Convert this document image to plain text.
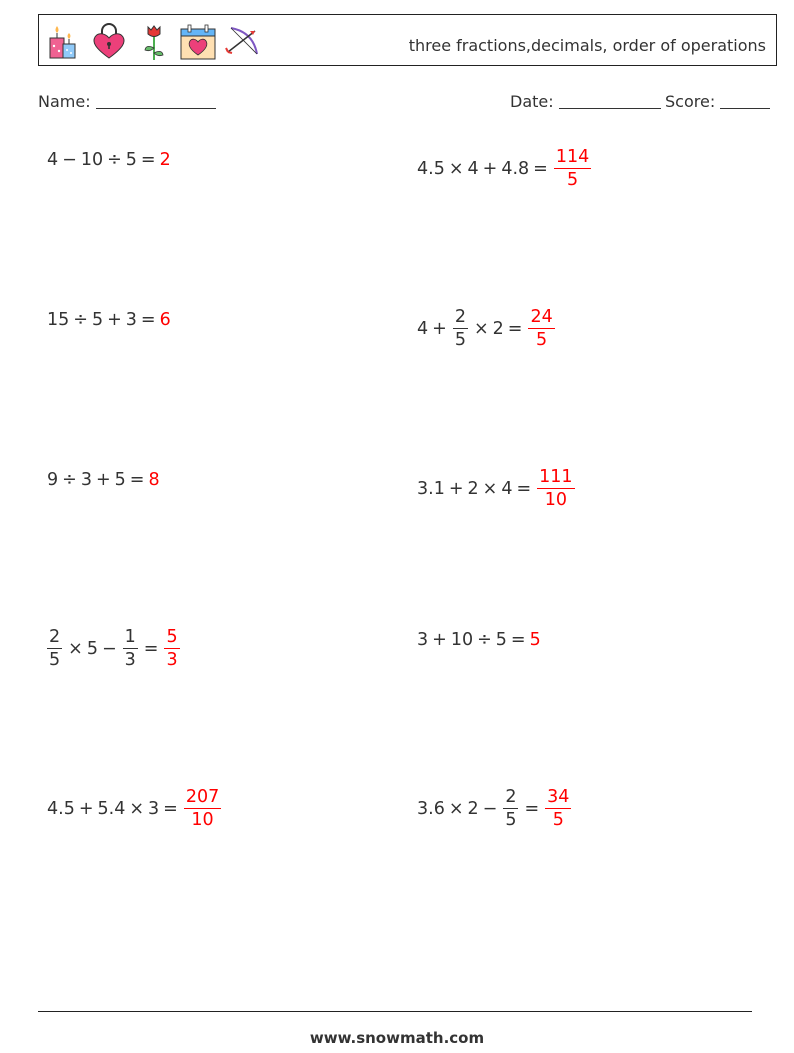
three fractions,decimals, order of operations
Name:	Date:	Score:
4 − 10 ÷ 5 = 2	$4.5 \times 4 + 4.8 = \frac{114}{5}$
15 ÷ 5 + 3 = 6	$4 + \frac{2}{5} \times 2 = \frac{24}{5}$
9 ÷ 3 + 5 = 8	$3.1 + 2 \times 4 = \frac{111}{10}$
$\frac{2}{5} \times 5 - \frac{1}{3} = \frac{5}{3}$	3 + 10 ÷ 5 = 5
$4.5 + 5.4 \times 3 = \frac{207}{10}$	$3.6 \times 2 - \frac{2}{5} = \frac{34}{5}$
www.snowmath.com
